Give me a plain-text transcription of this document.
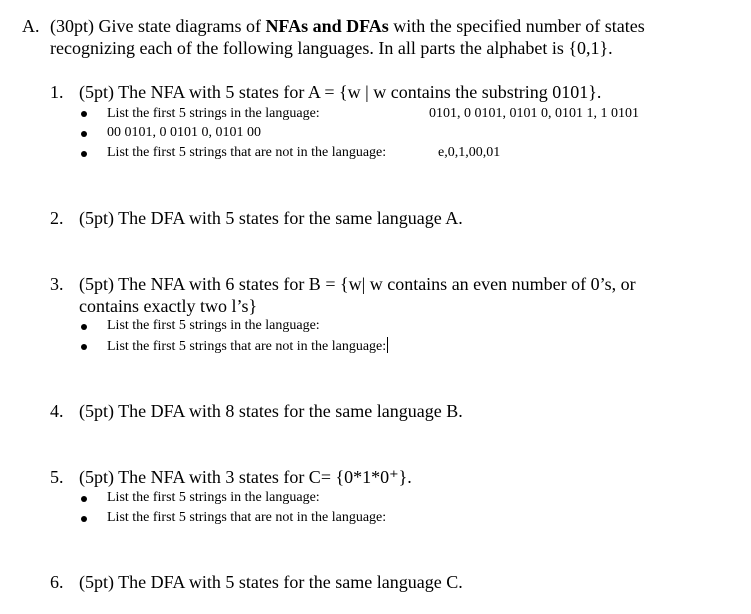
A. (30pt) Give state diagrams of NFAs and DFAs with the specified number of states
recognizing each of the following languages. In all parts the alphabet is {0,1}.
1. (5pt) The NFA with 5 states for A = {w | w contains the substring 0101}.
List the first 5 strings in the language:	0101, 0 0101, 0101 0, 0101 1, 1 0101
00 0101, 0 0101 0, 0101 00
List the first 5 strings that are not in the language:	e,0,1,00,01
2. (5pt) The DFA with 5 states for the same language A.
3. (5pt) The NFA with 6 states for B = {w| w contains an even number of 0’s, or
contains exactly two l’s}
List the first 5 strings in the language:
List the first 5 strings that are not in the language:
4. (5pt) The DFA with 8 states for the same language B.
5. (5pt) The NFA with 3 states for C= {0*1*0⁺}.
List the first 5 strings in the language:
List the first 5 strings that are not in the language:
6. (5pt) The DFA with 5 states for the same language C.
